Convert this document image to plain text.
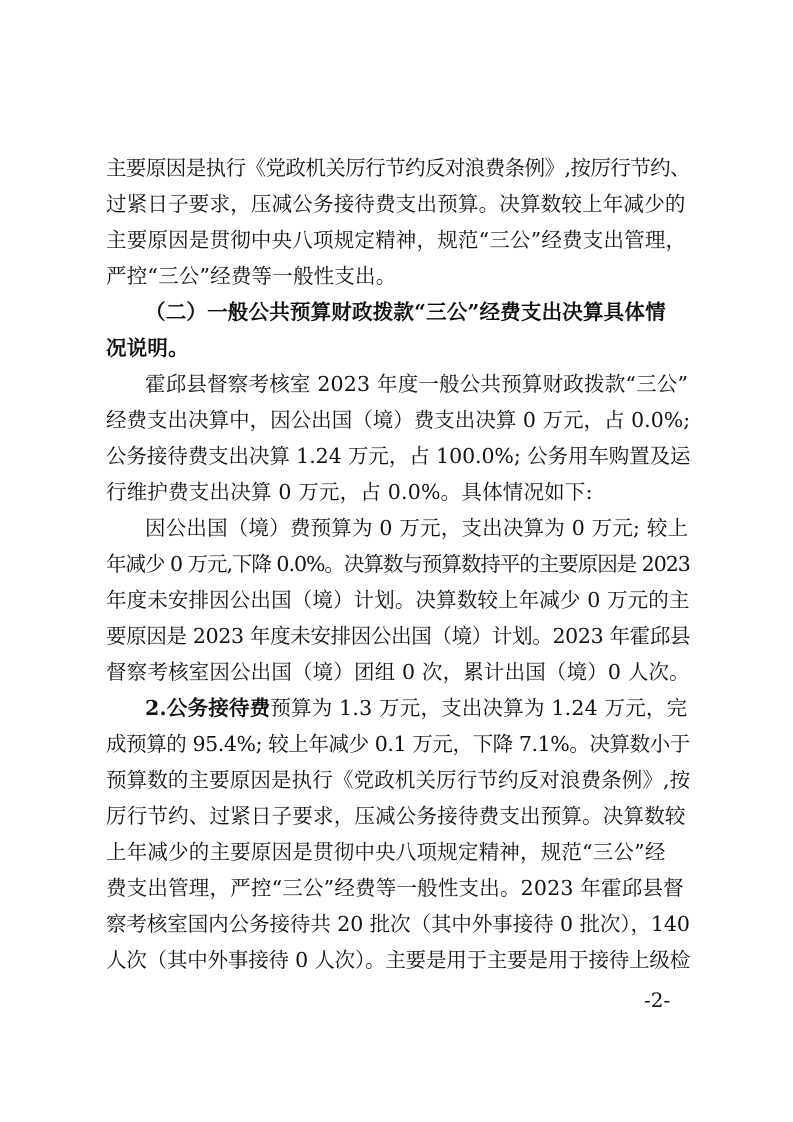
主要原因是执行《党政机关厉行节约反对浪费条例》,按厉行节约、
过紧日子要求，压减公务接待费支出预算。决算数较上年减少的
主要原因是贯彻中央八项规定精神，规范“三公”经费支出管理，
严控“三公”经费等一般性支出。
（二）一般公共预算财政拨款“三公”经费支出决算具体情
况说明。
霍邱县督察考核室 2023 年度一般公共预算财政拨款“三公”
经费支出决算中，因公出国（境）费支出决算 0 万元，占 0.0%;
公务接待费支出决算 1.24 万元，占 100.0%; 公务用车购置及运
行维护费支出决算 0 万元，占 0.0%。具体情况如下:
因公出国（境）费预算为 0 万元，支出决算为 0 万元; 较上
年减少 0 万元,下降 0.0%。决算数与预算数持平的主要原因是 2023
年度未安排因公出国（境）计划。决算数较上年减少 0 万元的主
要原因是 2023 年度未安排因公出国（境）计划。2023 年霍邱县
督察考核室因公出国（境）团组 0 次，累计出国（境）0 人次。
2.公务接待费预算为 1.3 万元，支出决算为 1.24 万元，完
成预算的 95.4%; 较上年减少 0.1 万元，下降 7.1%。决算数小于
预算数的主要原因是执行《党政机关厉行节约反对浪费条例》,按
厉行节约、过紧日子要求，压减公务接待费支出预算。决算数较
上年减少的主要原因是贯彻中央八项规定精神，规范“三公”经
费支出管理，严控“三公”经费等一般性支出。2023 年霍邱县督
察考核室国内公务接待共 20 批次（其中外事接待 0 批次），140
人次（其中外事接待 0 人次）。主要是用于主要是用于接待上级检
-2-
